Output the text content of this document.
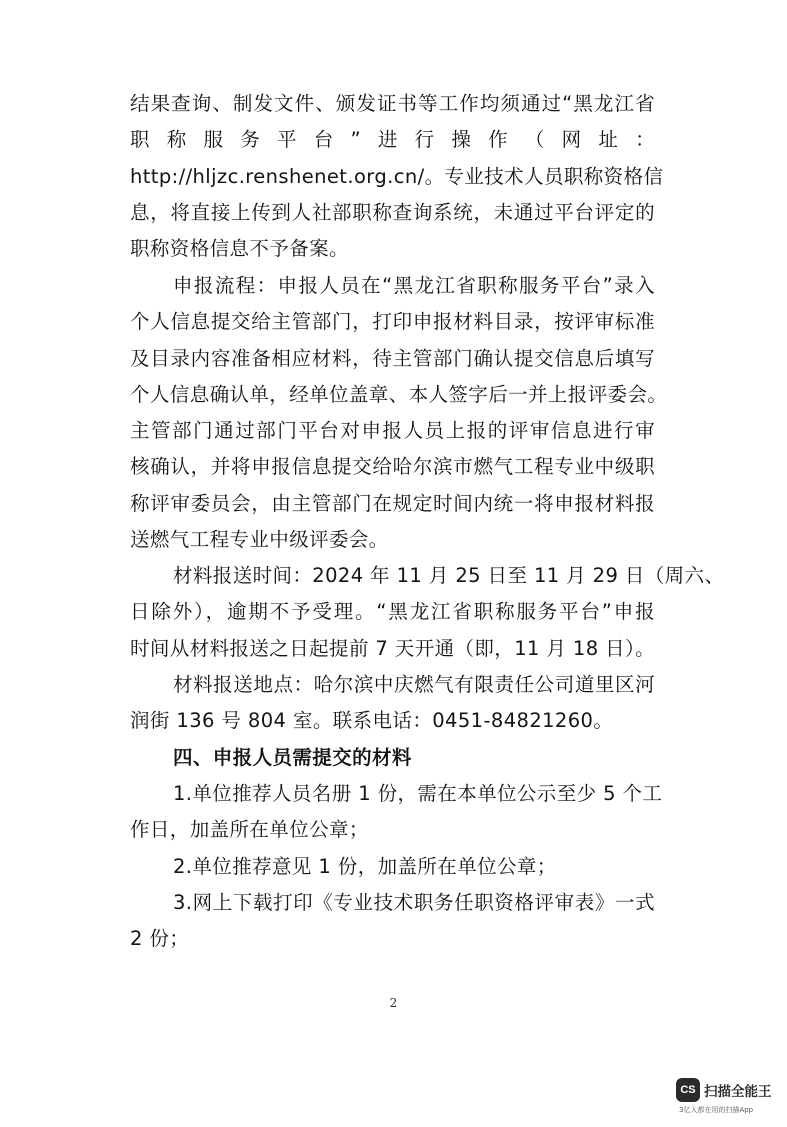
结果查询、制发文件、颁发证书等工作均须通过“黑龙江省
职称服务平台”进行操作（网址：
http://hljzc.renshenet.org.cn/。专业技术人员职称资格信
息，将直接上传到人社部职称查询系统，未通过平台评定的
职称资格信息不予备案。

申报流程：申报人员在“黑龙江省职称服务平台”录入
个人信息提交给主管部门，打印申报材料目录，按评审标准
及目录内容准备相应材料，待主管部门确认提交信息后填写
个人信息确认单，经单位盖章、本人签字后一并上报评委会。
主管部门通过部门平台对申报人员上报的评审信息进行审
核确认，并将申报信息提交给哈尔滨市燃气工程专业中级职
称评审委员会，由主管部门在规定时间内统一将申报材料报
送燃气工程专业中级评委会。

材料报送时间：2024 年 11 月 25 日至 11 月 29 日（周六、
日除外），逾期不予受理。“黑龙江省职称服务平台”申报
时间从材料报送之日起提前 7 天开通（即，11 月 18 日）。

材料报送地点：哈尔滨中庆燃气有限责任公司道里区河
润街 136 号 804 室。联系电话：0451-84821260。

四、申报人员需提交的材料

1.单位推荐人员名册 1 份，需在本单位公示至少 5 个工
作日，加盖所在单位公章；

2.单位推荐意见 1 份，加盖所在单位公章；

3.网上下载打印《专业技术职务任职资格评审表》一式
2 份；

2
CS 扫描全能王
3亿人都在用的扫描App
